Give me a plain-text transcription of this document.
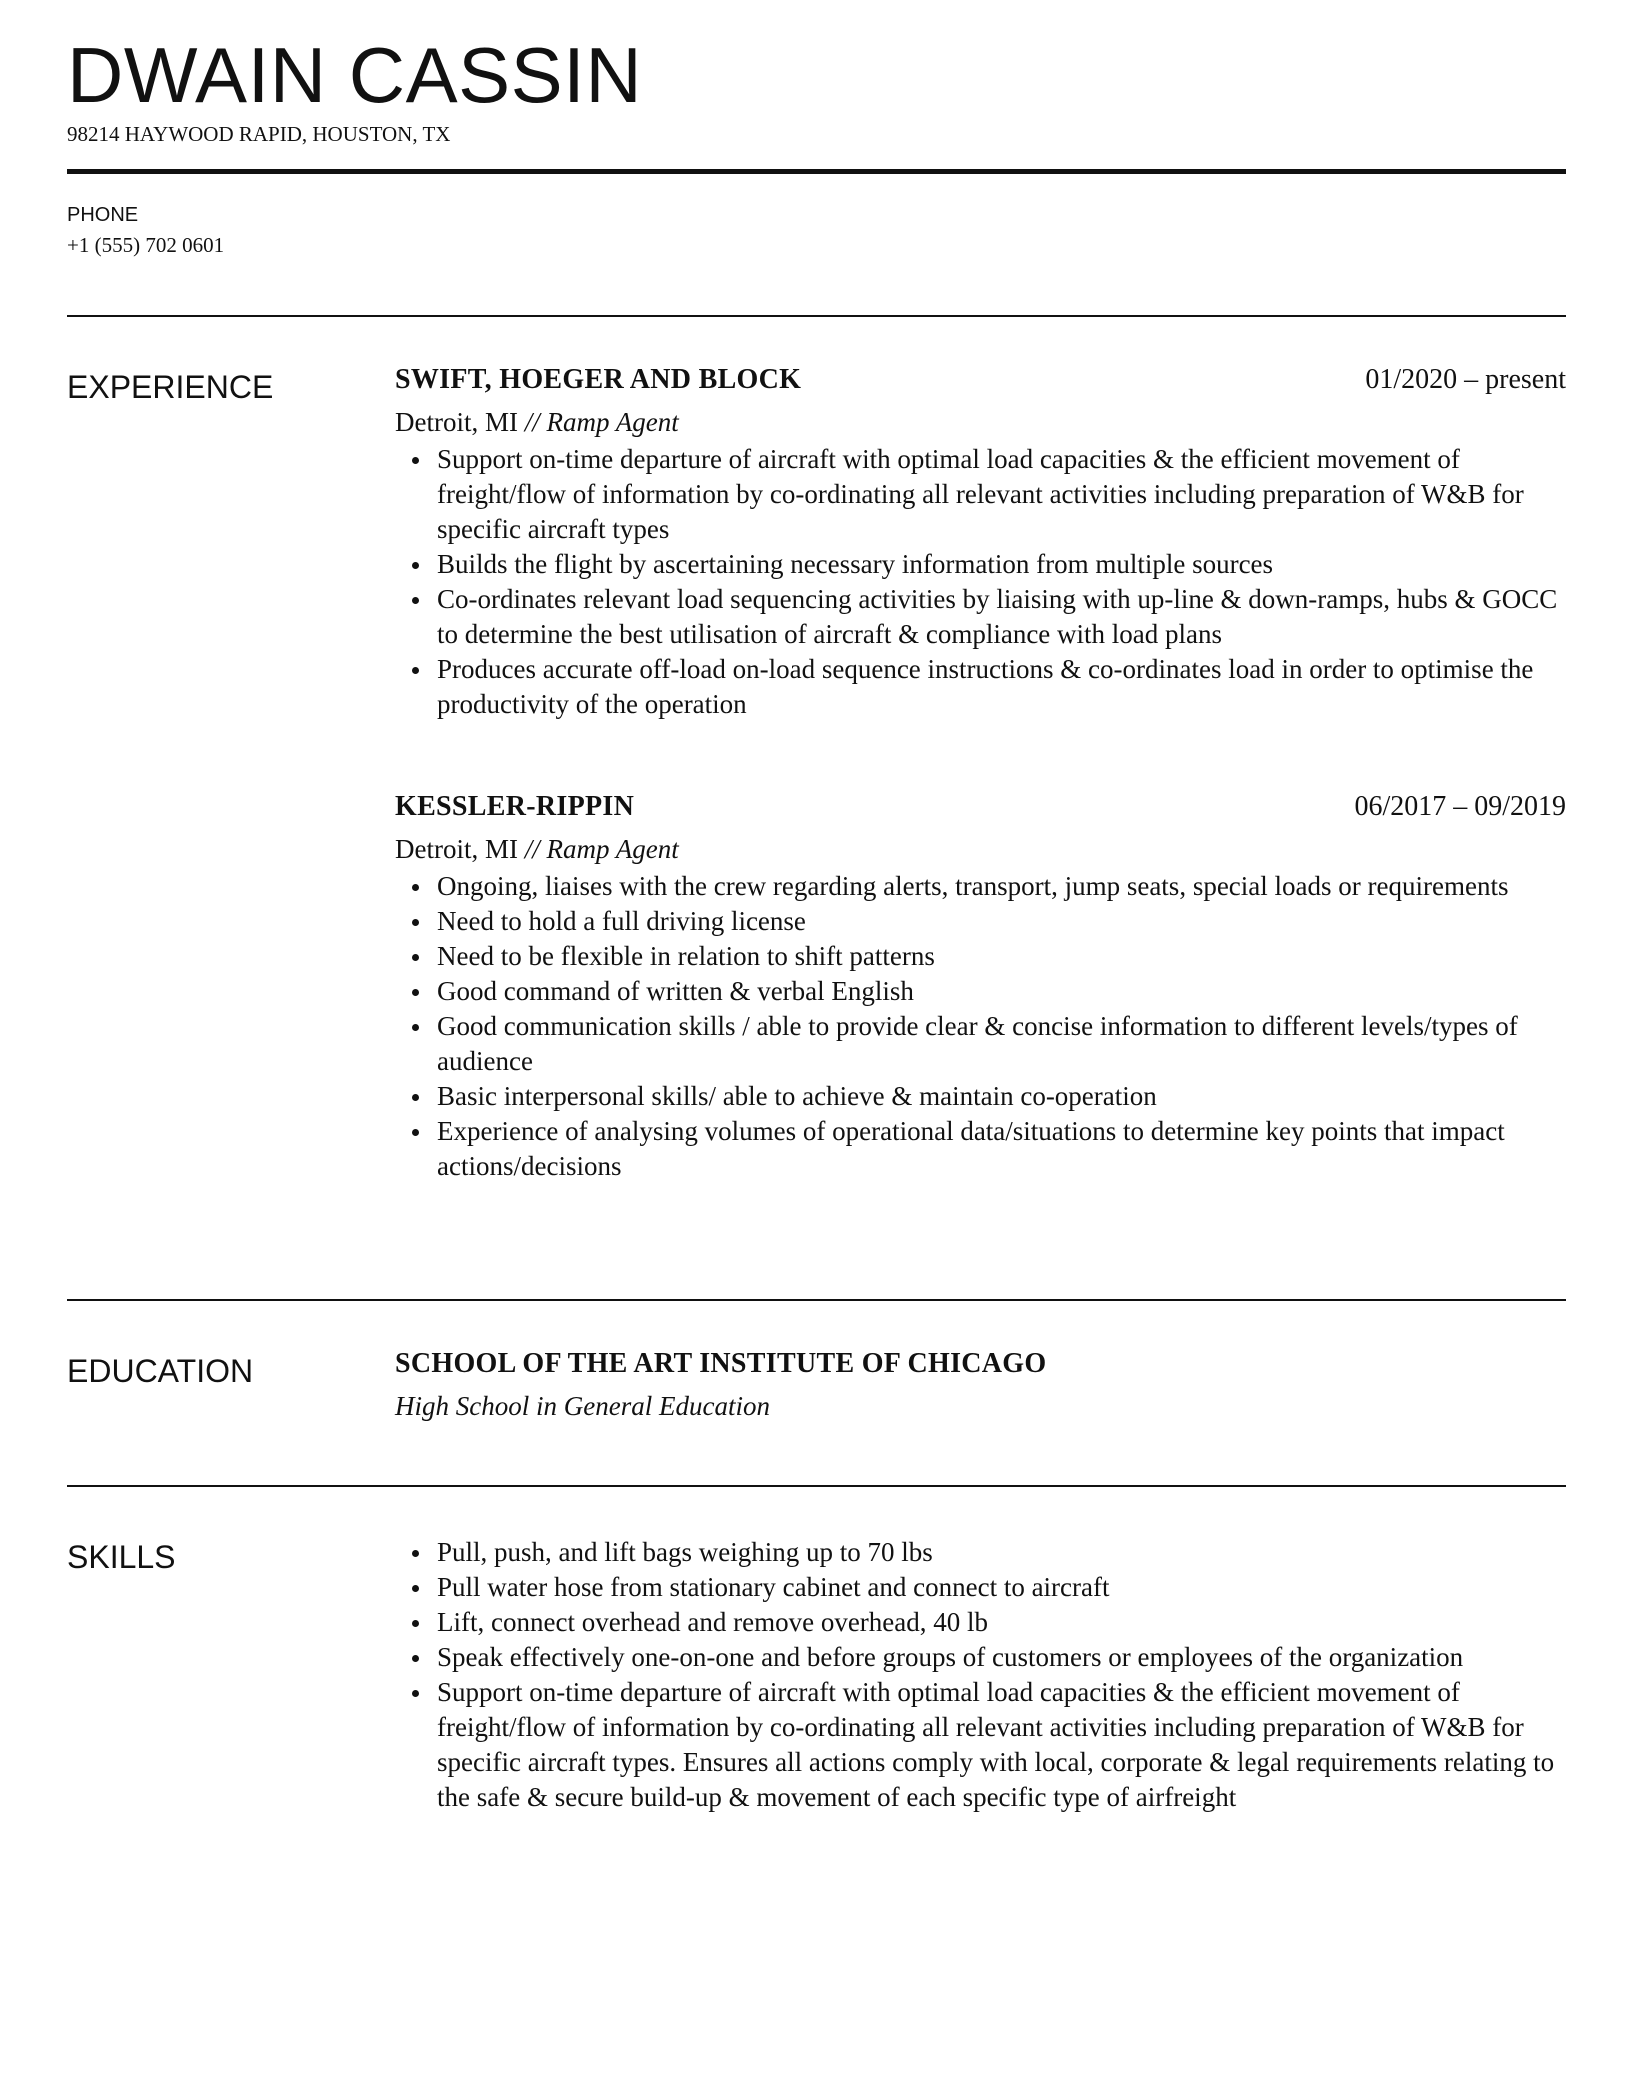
DWAIN CASSIN
98214 HAYWOOD RAPID, HOUSTON, TX
PHONE
+1 (555) 702 0601
EXPERIENCE	SWIFT, HOEGER AND BLOCK	01/2020 – present
Detroit, MI // Ramp Agent
Support on-time departure of aircraft with optimal load capacities & the efficient movement of freight/flow of information by co-ordinating all relevant activities including preparation of W&B for specific aircraft types
Builds the flight by ascertaining necessary information from multiple sources
Co-ordinates relevant load sequencing activities by liaising with up-line & down-ramps, hubs & GOCC to determine the best utilisation of aircraft & compliance with load plans
Produces accurate off-load on-load sequence instructions & co-ordinates load in order to optimise the productivity of the operation
KESSLER-RIPPIN	06/2017 – 09/2019
Detroit, MI // Ramp Agent
Ongoing, liaises with the crew regarding alerts, transport, jump seats, special loads or requirements
Need to hold a full driving license
Need to be flexible in relation to shift patterns
Good command of written & verbal English
Good communication skills / able to provide clear & concise information to different levels/types of audience
Basic interpersonal skills/ able to achieve & maintain co-operation
Experience of analysing volumes of operational data/situations to determine key points that impact actions/decisions
EDUCATION	SCHOOL OF THE ART INSTITUTE OF CHICAGO
High School in General Education
SKILLS	Pull, push, and lift bags weighing up to 70 lbs
Pull water hose from stationary cabinet and connect to aircraft
Lift, connect overhead and remove overhead, 40 lb
Speak effectively one-on-one and before groups of customers or employees of the organization
Support on-time departure of aircraft with optimal load capacities & the efficient movement of freight/flow of information by co-ordinating all relevant activities including preparation of W&B for specific aircraft types. Ensures all actions comply with local, corporate & legal requirements relating to the safe & secure build-up & movement of each specific type of airfreight
